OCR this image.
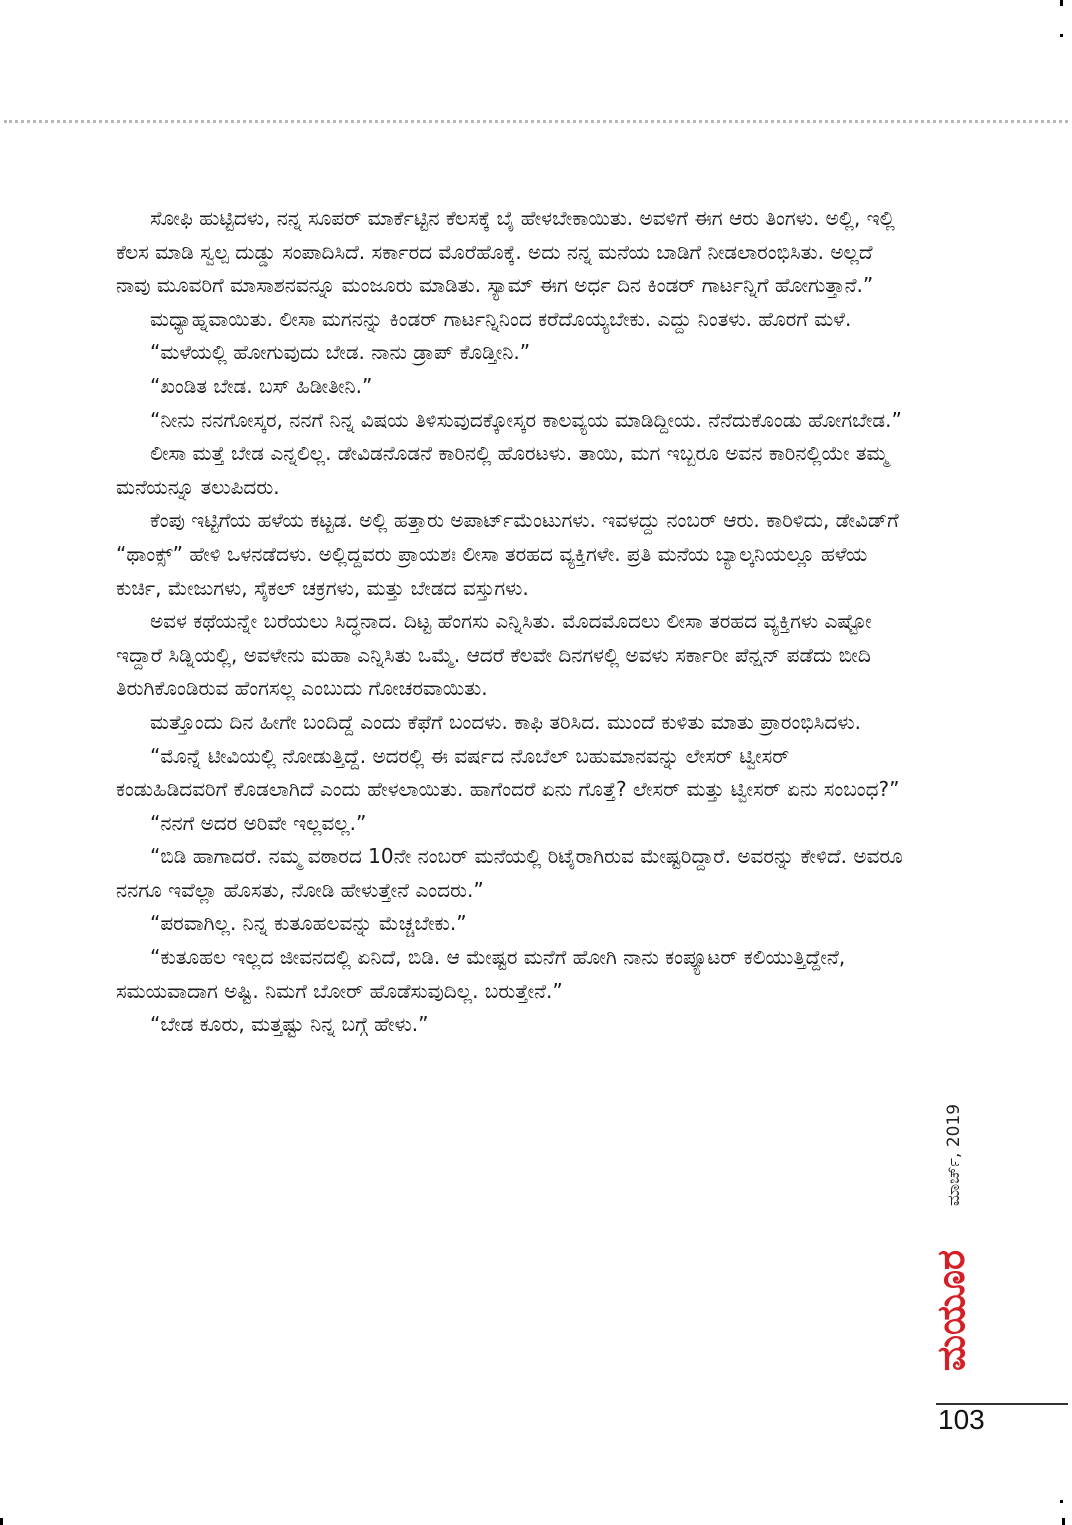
ಸೋಫಿ ಹುಟ್ಟಿದಳು, ನನ್ನ ಸೂಪರ್ ಮಾರ್ಕೆಟ್ಟಿನ ಕೆಲಸಕ್ಕೆ ಬೈ ಹೇಳಬೇಕಾಯಿತು. ಅವಳಿಗೆ ಈಗ ಆರು ತಿಂಗಳು. ಅಲ್ಲಿ, ಇಲ್ಲಿ ಕೆಲಸ ಮಾಡಿ ಸ್ವಲ್ಪ ದುಡ್ಡು ಸಂಪಾದಿಸಿದೆ. ಸರ್ಕಾರದ ಮೊರೆಹೊಕ್ಕೆ. ಅದು ನನ್ನ ಮನೆಯ ಬಾಡಿಗೆ ನೀಡಲಾರಂಭಿಸಿತು. ಅಲ್ಲದೆ ನಾವು ಮೂವರಿಗೆ ಮಾಸಾಶನವನ್ನೂ ಮಂಜೂರು ಮಾಡಿತು. ಸ್ಯಾಮ್ ಈಗ ಅರ್ಧ ದಿನ ಕಿಂಡರ್ ಗಾರ್ಟನ್ನಿಗೆ ಹೋಗುತ್ತಾನೆ.”

ಮಧ್ಯಾಹ್ನವಾಯಿತು. ಲೀಸಾ ಮಗನನ್ನು ಕಿಂಡರ್ ಗಾರ್ಟನ್ನಿನಿಂದ ಕರೆದೊಯ್ಯಬೇಕು. ಎದ್ದು ನಿಂತಳು. ಹೊರಗೆ ಮಳೆ.

“ಮಳೆಯಲ್ಲಿ ಹೋಗುವುದು ಬೇಡ. ನಾನು ಡ್ರಾಪ್ ಕೊಡ್ತೀನಿ.”

“ಖಂಡಿತ ಬೇಡ. ಬಸ್ ಹಿಡೀತೀನಿ.”

“ನೀನು ನನಗೋಸ್ಕರ, ನನಗೆ ನಿನ್ನ ವಿಷಯ ತಿಳಿಸುವುದಕ್ಕೋಸ್ಕರ ಕಾಲವ್ಯಯ ಮಾಡಿದ್ದೀಯ. ನೆನೆದುಕೊಂಡು ಹೋಗಬೇಡ.”

ಲೀಸಾ ಮತ್ತೆ ಬೇಡ ಎನ್ನಲಿಲ್ಲ. ಡೇವಿಡನೊಡನೆ ಕಾರಿನಲ್ಲಿ ಹೊರಟಳು. ತಾಯಿ, ಮಗ ಇಬ್ಬರೂ ಅವನ ಕಾರಿನಲ್ಲಿಯೇ ತಮ್ಮ ಮನೆಯನ್ನೂ ತಲುಪಿದರು.

ಕೆಂಪು ಇಟ್ಟಿಗೆಯ ಹಳೆಯ ಕಟ್ಟಡ. ಅಲ್ಲಿ ಹತ್ತಾರು ಅಪಾರ್ಟ್‌ಮೆಂಟುಗಳು. ಇವಳದ್ದು ನಂಬರ್ ಆರು. ಕಾರಿಳಿದು, ಡೇವಿಡ್‌ಗೆ “ಥಾಂಕ್ಸ್” ಹೇಳಿ ಒಳನಡೆದಳು. ಅಲ್ಲಿದ್ದವರು ಪ್ರಾಯಶಃ ಲೀಸಾ ತರಹದ ವ್ಯಕ್ತಿಗಳೇ. ಪ್ರತಿ ಮನೆಯ ಬ್ಯಾಲ್ಕನಿಯಲ್ಲೂ ಹಳೆಯ ಕುರ್ಚಿ, ಮೇಜುಗಳು, ಸೈಕಲ್ ಚಕ್ರಗಳು, ಮತ್ತು ಬೇಡದ ವಸ್ತುಗಳು.

ಅವಳ ಕಥೆಯನ್ನೇ ಬರೆಯಲು ಸಿದ್ಧನಾದ. ದಿಟ್ಟ ಹೆಂಗಸು ಎನ್ನಿಸಿತು. ಮೊದಮೊದಲು ಲೀಸಾ ತರಹದ ವ್ಯಕ್ತಿಗಳು ಎಷ್ಟೋ ಇದ್ದಾರೆ ಸಿಡ್ನಿಯಲ್ಲಿ, ಅವಳೇನು ಮಹಾ ಎನ್ನಿಸಿತು ಒಮ್ಮೆ. ಆದರೆ ಕೆಲವೇ ದಿನಗಳಲ್ಲಿ ಅವಳು ಸರ್ಕಾರೀ ಪೆನ್ಷನ್ ಪಡೆದು ಬೀದಿ ತಿರುಗಿಕೊಂಡಿರುವ ಹೆಂಗಸಲ್ಲ ಎಂಬುದು ಗೋಚರವಾಯಿತು.

ಮತ್ತೊಂದು ದಿನ ಹೀಗೇ ಬಂದಿದ್ದೆ ಎಂದು ಕೆಫೆಗೆ ಬಂದಳು. ಕಾಫಿ ತರಿಸಿದ. ಮುಂದೆ ಕುಳಿತು ಮಾತು ಪ್ರಾರಂಭಿಸಿದಳು.

“ಮೊನ್ನೆ ಟೀವಿಯಲ್ಲಿ ನೋಡುತ್ತಿದ್ದೆ. ಅದರಲ್ಲಿ ಈ ವರ್ಷದ ನೊಬೆಲ್ ಬಹುಮಾನವನ್ನು ಲೇಸರ್ ಟ್ವೀಸರ್ ಕಂಡುಹಿಡಿದವರಿಗೆ ಕೊಡಲಾಗಿದೆ ಎಂದು ಹೇಳಲಾಯಿತು. ಹಾಗೆಂದರೆ ಏನು ಗೊತ್ತೆ? ಲೇಸರ್ ಮತ್ತು ಟ್ವೀಸರ್ ಏನು ಸಂಬಂಧ?”

“ನನಗೆ ಅದರ ಅರಿವೇ ಇಲ್ಲವಲ್ಲ.”

“ಬಿಡಿ ಹಾಗಾದರೆ. ನಮ್ಮ ವಠಾರದ 10ನೇ ನಂಬರ್ ಮನೆಯಲ್ಲಿ ರಿಟೈರಾಗಿರುವ ಮೇಷ್ಟರಿದ್ದಾರೆ. ಅವರನ್ನು ಕೇಳಿದೆ. ಅವರೂ ನನಗೂ ಇವೆಲ್ಲಾ ಹೊಸತು, ನೋಡಿ ಹೇಳುತ್ತೇನೆ ಎಂದರು.”

“ಪರವಾಗಿಲ್ಲ. ನಿನ್ನ ಕುತೂಹಲವನ್ನು ಮೆಚ್ಚಬೇಕು.”

“ಕುತೂಹಲ ಇಲ್ಲದ ಜೀವನದಲ್ಲಿ ಏನಿದೆ, ಬಿಡಿ. ಆ ಮೇಷ್ಟರ ಮನೆಗೆ ಹೋಗಿ ನಾನು ಕಂಪ್ಯೂಟರ್ ಕಲಿಯುತ್ತಿದ್ದೇನೆ, ಸಮಯವಾದಾಗ ಅಷ್ಟಿ. ನಿಮಗೆ ಬೋರ್ ಹೊಡೆಸುವುದಿಲ್ಲ. ಬರುತ್ತೇನೆ.”

“ಬೇಡ ಕೂರು, ಮತ್ತಷ್ಟು ನಿನ್ನ ಬಗ್ಗೆ ಹೇಳು.”

ಮಾರ್ಚ್, 2019
ಮಯೂರ
103
